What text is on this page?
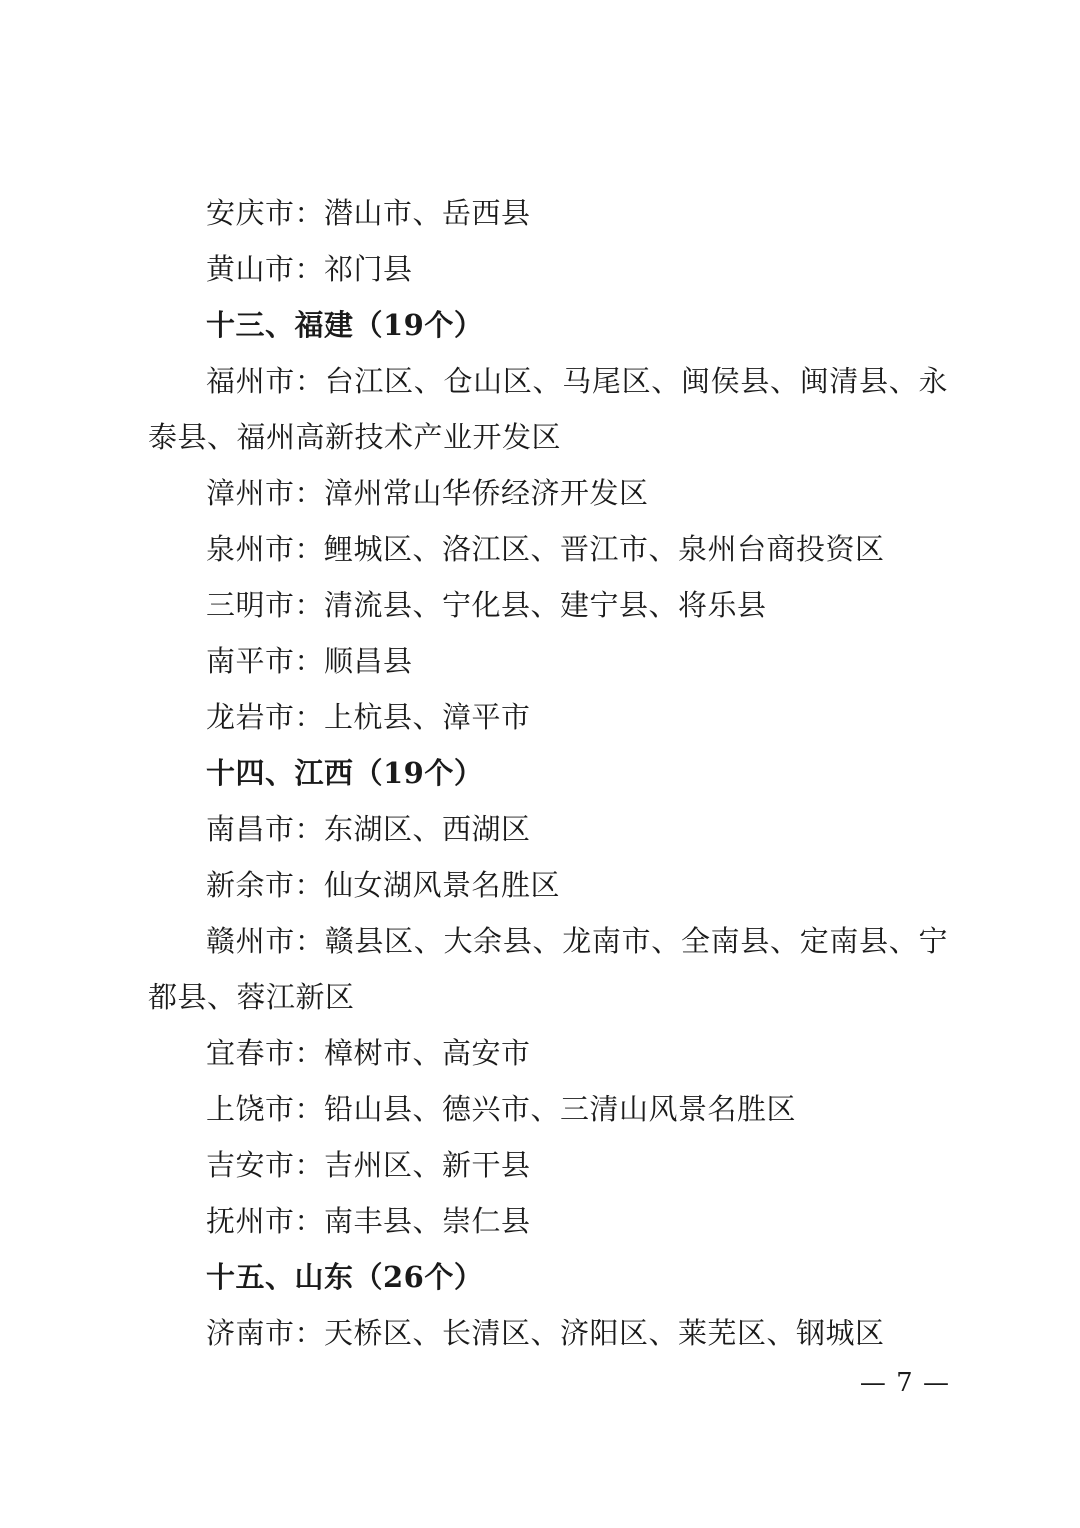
安庆市：潜山市、岳西县
黄山市：祁门县
十三、福建（19个）
福州市：台江区、仓山区、马尾区、闽侯县、闽清县、永泰县、福州高新技术产业开发区
漳州市：漳州常山华侨经济开发区
泉州市：鲤城区、洛江区、晋江市、泉州台商投资区
三明市：清流县、宁化县、建宁县、将乐县
南平市：顺昌县
龙岩市：上杭县、漳平市
十四、江西（19个）
南昌市：东湖区、西湖区
新余市：仙女湖风景名胜区
赣州市：赣县区、大余县、龙南市、全南县、定南县、宁都县、蓉江新区
宜春市：樟树市、高安市
上饶市：铅山县、德兴市、三清山风景名胜区
吉安市：吉州区、新干县
抚州市：南丰县、崇仁县
十五、山东（26个）
济南市：天桥区、长清区、济阳区、莱芜区、钢城区
— 7 —
